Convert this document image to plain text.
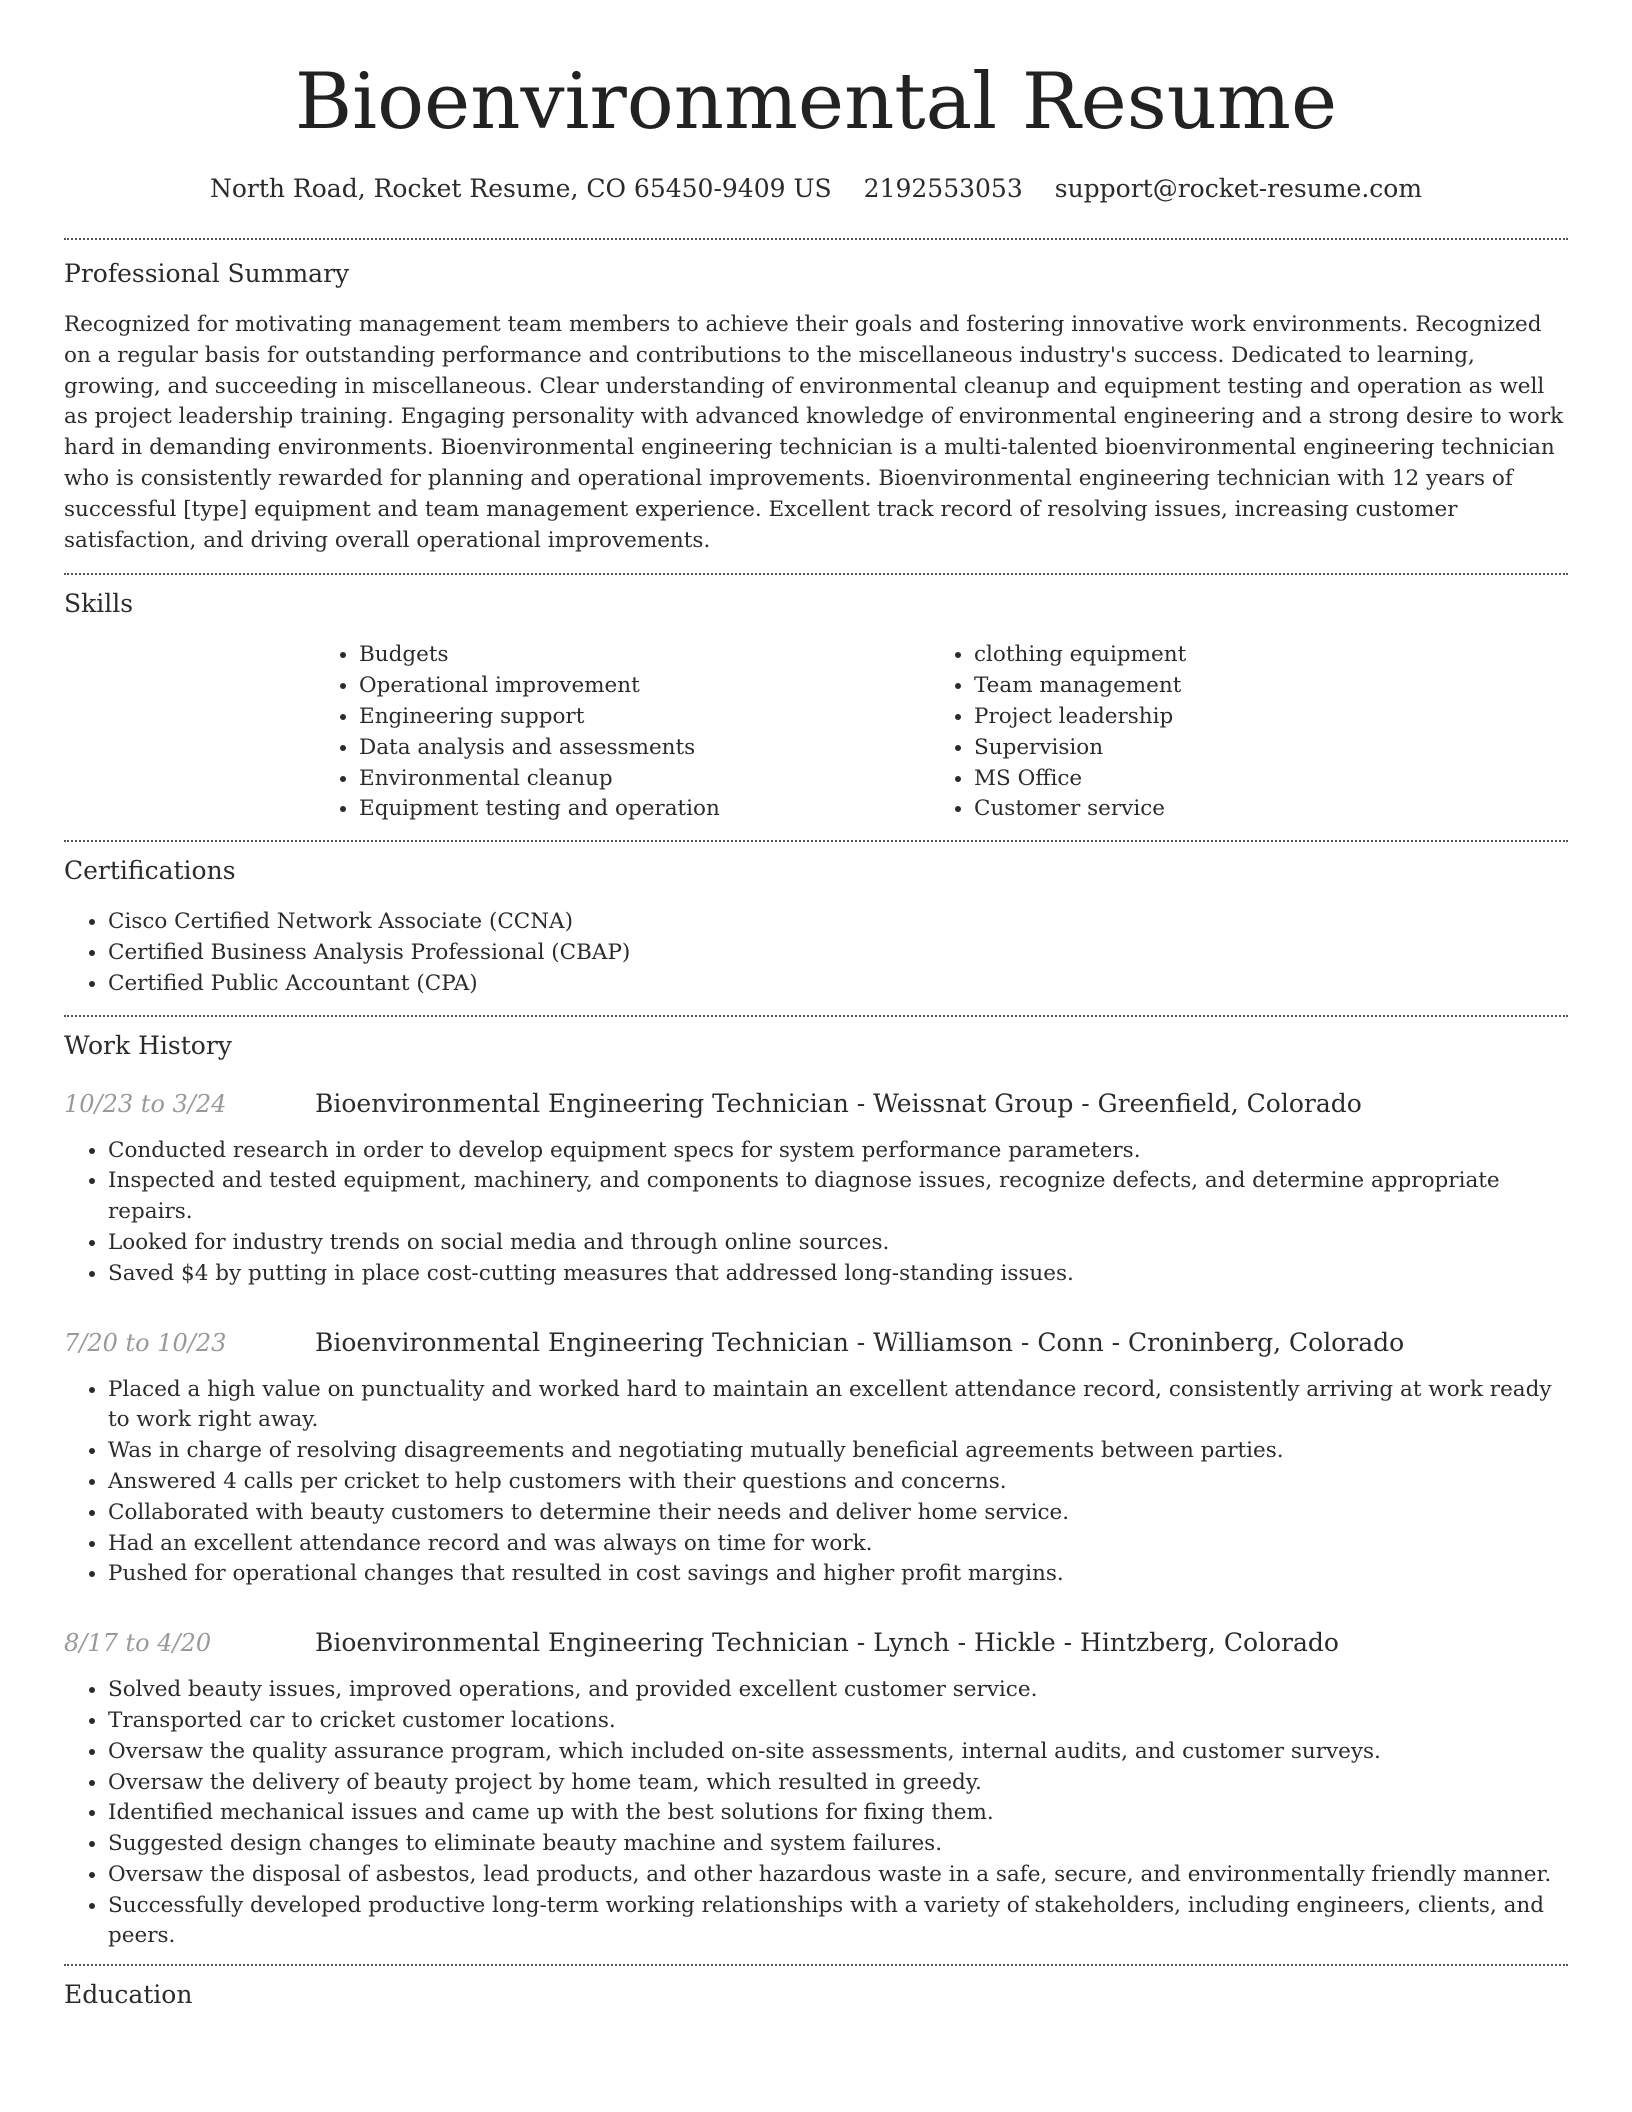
Bioenvironmental Resume
North Road, Rocket Resume, CO 65450-9409 US 2192553053 support@rocket-resume.com
Professional Summary

Recognized for motivating management team members to achieve their goals and fostering innovative work environments. Recognized on a regular basis for outstanding performance and contributions to the miscellaneous industry's success. Dedicated to learning, growing, and succeeding in miscellaneous. Clear understanding of environmental cleanup and equipment testing and operation as well as project leadership training. Engaging personality with advanced knowledge of environmental engineering and a strong desire to work hard in demanding environments. Bioenvironmental engineering technician is a multi-talented bioenvironmental engineering technician who is consistently rewarded for planning and operational improvements. Bioenvironmental engineering technician with 12 years of successful [type] equipment and team management experience. Excellent track record of resolving issues, increasing customer satisfaction, and driving overall operational improvements.

Skills
• Budgets
• Operational improvement
• Engineering support
• Data analysis and assessments
• Environmental cleanup
• Equipment testing and operation
• clothing equipment
• Team management
• Project leadership
• Supervision
• MS Office
• Customer service
Certifications
• Cisco Certified Network Associate (CCNA)
• Certified Business Analysis Professional (CBAP)
• Certified Public Accountant (CPA)
Work History
10/23 to 3/24	Bioenvironmental Engineering Technician - Weissnat Group - Greenfield, Colorado
• Conducted research in order to develop equipment specs for system performance parameters.
• Inspected and tested equipment, machinery, and components to diagnose issues, recognize defects, and determine appropriate repairs.
• Looked for industry trends on social media and through online sources.
• Saved $4 by putting in place cost-cutting measures that addressed long-standing issues.
7/20 to 10/23	Bioenvironmental Engineering Technician - Williamson - Conn - Croninberg, Colorado
• Placed a high value on punctuality and worked hard to maintain an excellent attendance record, consistently arriving at work ready to work right away.
• Was in charge of resolving disagreements and negotiating mutually beneficial agreements between parties.
• Answered 4 calls per cricket to help customers with their questions and concerns.
• Collaborated with beauty customers to determine their needs and deliver home service.
• Had an excellent attendance record and was always on time for work.
• Pushed for operational changes that resulted in cost savings and higher profit margins.
8/17 to 4/20	Bioenvironmental Engineering Technician - Lynch - Hickle - Hintzberg, Colorado
• Solved beauty issues, improved operations, and provided excellent customer service.
• Transported car to cricket customer locations.
• Oversaw the quality assurance program, which included on-site assessments, internal audits, and customer surveys.
• Oversaw the delivery of beauty project by home team, which resulted in greedy.
• Identified mechanical issues and came up with the best solutions for fixing them.
• Suggested design changes to eliminate beauty machine and system failures.
• Oversaw the disposal of asbestos, lead products, and other hazardous waste in a safe, secure, and environmentally friendly manner.
• Successfully developed productive long-term working relationships with a variety of stakeholders, including engineers, clients, and peers.
Education
